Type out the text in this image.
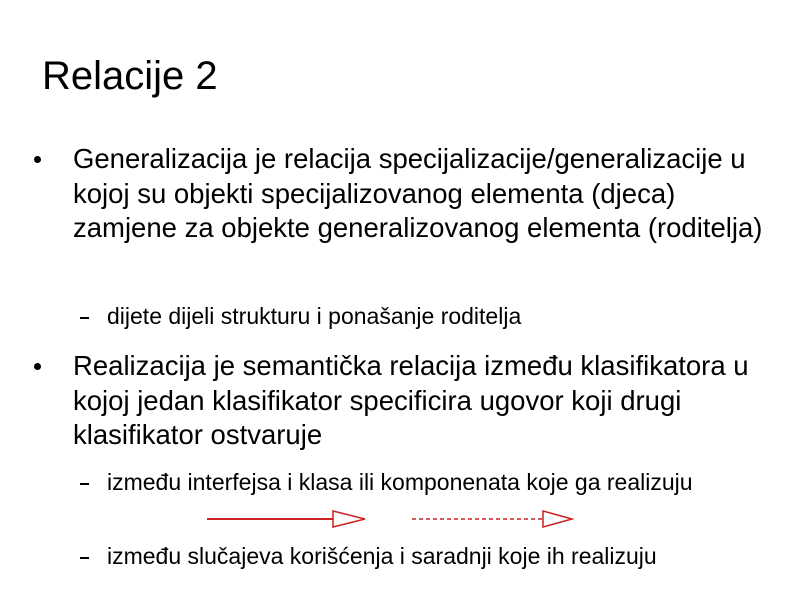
Relacije 2
Generalizacija je relacija specijalizacije/generalizacije u kojoj su objekti specijalizovanog elementa (djeca) zamjene za objekte generalizovanog elementa (roditelja)
dijete dijeli strukturu i ponašanje roditelja
Realizacija je semantička relacija između klasifikatora u kojoj jedan klasifikator specificira ugovor koji drugi klasifikator ostvaruje
između interfejsa i klasa ili komponenata koje ga realizuju
između slučajeva korišćenja i saradnji koje ih realizuju
